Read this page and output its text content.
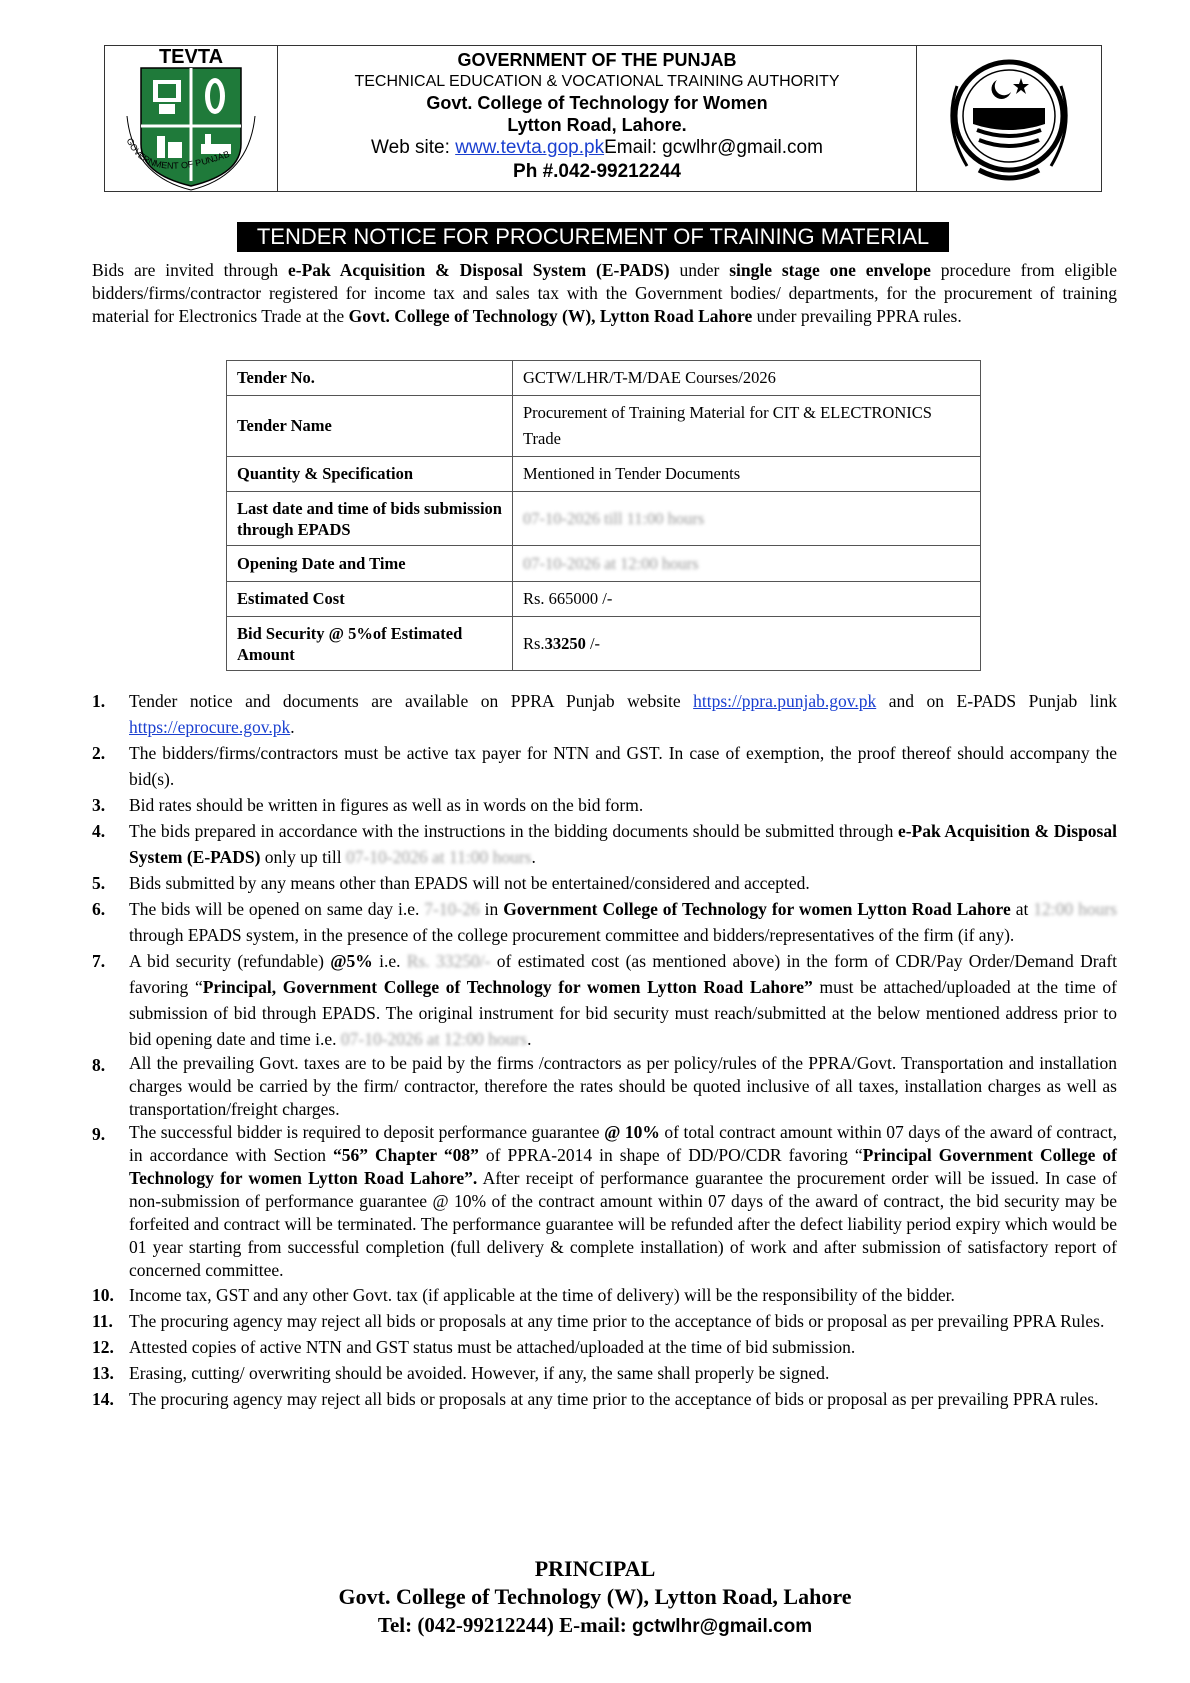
TEVTA
GOVERNMENT OF PUNJAB
GOVERNMENT OF THE PUNJAB
TECHNICAL EDUCATION & VOCATIONAL TRAINING AUTHORITY
Govt. College of Technology for Women
Lytton Road, Lahore.
Web site: www.tevta.gop.pkEmail: gcwlhr@gmail.com
Ph #.042-99212244
TENDER NOTICE FOR PROCUREMENT OF TRAINING MATERIAL
Bids are invited through e-Pak Acquisition & Disposal System (E-PADS) under single stage one envelope procedure from eligible bidders/firms/contractor registered for income tax and sales tax with the Government bodies/ departments, for the procurement of training material for Electronics Trade at the Govt. College of Technology (W), Lytton Road Lahore under prevailing PPRA rules.
Tender No.	GCTW/LHR/T-M/DAE Courses/2026
Tender Name	Procurement of Training Material for CIT & ELECTRONICS Trade
Quantity & Specification	Mentioned in Tender Documents
Last date and time of bids submission through EPADS	07-10-2026 till 11:00 hours
Opening Date and Time	07-10-2026 at 12:00 hours
Estimated Cost	Rs. 665000 /-
Bid Security @ 5%of Estimated Amount	Rs.33250 /-
1.	Tender notice and documents are available on PPRA Punjab website https://ppra.punjab.gov.pk and on E-PADS Punjab link https://eprocure.gov.pk.
2.	The bidders/firms/contractors must be active tax payer for NTN and GST. In case of exemption, the proof thereof should accompany the bid(s).
3.	Bid rates should be written in figures as well as in words on the bid form.
4.	The bids prepared in accordance with the instructions in the bidding documents should be submitted through e-Pak Acquisition & Disposal System (E-PADS) only up till 07-10-2026 at 11:00 hours.
5.	Bids submitted by any means other than EPADS will not be entertained/considered and accepted.
6.	The bids will be opened on same day i.e. 7-10-26 in Government College of Technology for women Lytton Road Lahore at 12:00 hours through EPADS system, in the presence of the college procurement committee and bidders/representatives of the firm (if any).
7.	A bid security (refundable) @5% i.e. Rs. 33250/- of estimated cost (as mentioned above) in the form of CDR/Pay Order/Demand Draft favoring “Principal, Government College of Technology for women Lytton Road Lahore” must be attached/uploaded at the time of submission of bid through EPADS. The original instrument for bid security must reach/submitted at the below mentioned address prior to bid opening date and time i.e. 07-10-2026 at 12:00 hours.
8.	All the prevailing Govt. taxes are to be paid by the firms /contractors as per policy/rules of the PPRA/Govt. Transportation and installation charges would be carried by the firm/ contractor, therefore the rates should be quoted inclusive of all taxes, installation charges as well as transportation/freight charges.
9.	The successful bidder is required to deposit performance guarantee @ 10% of total contract amount within 07 days of the award of contract, in accordance with Section “56” Chapter “08” of PPRA-2014 in shape of DD/PO/CDR favoring “Principal Government College of Technology for women Lytton Road Lahore”. After receipt of performance guarantee the procurement order will be issued. In case of non-submission of performance guarantee @ 10% of the contract amount within 07 days of the award of contract, the bid security may be forfeited and contract will be terminated. The performance guarantee will be refunded after the defect liability period expiry which would be 01 year starting from successful completion (full delivery & complete installation) of work and after submission of satisfactory report of concerned committee.
10. Income tax, GST and any other Govt. tax (if applicable at the time of delivery) will be the responsibility of the bidder.
11. The procuring agency may reject all bids or proposals at any time prior to the acceptance of bids or proposal as per prevailing PPRA Rules.
12. Attested copies of active NTN and GST status must be attached/uploaded at the time of bid submission.
13. Erasing, cutting/ overwriting should be avoided. However, if any, the same shall properly be signed.
14. The procuring agency may reject all bids or proposals at any time prior to the acceptance of bids or proposal as per prevailing PPRA rules.
PRINCIPAL
Govt. College of Technology (W), Lytton Road, Lahore
Tel: (042-99212244) E-mail: gctwlhr@gmail.com
